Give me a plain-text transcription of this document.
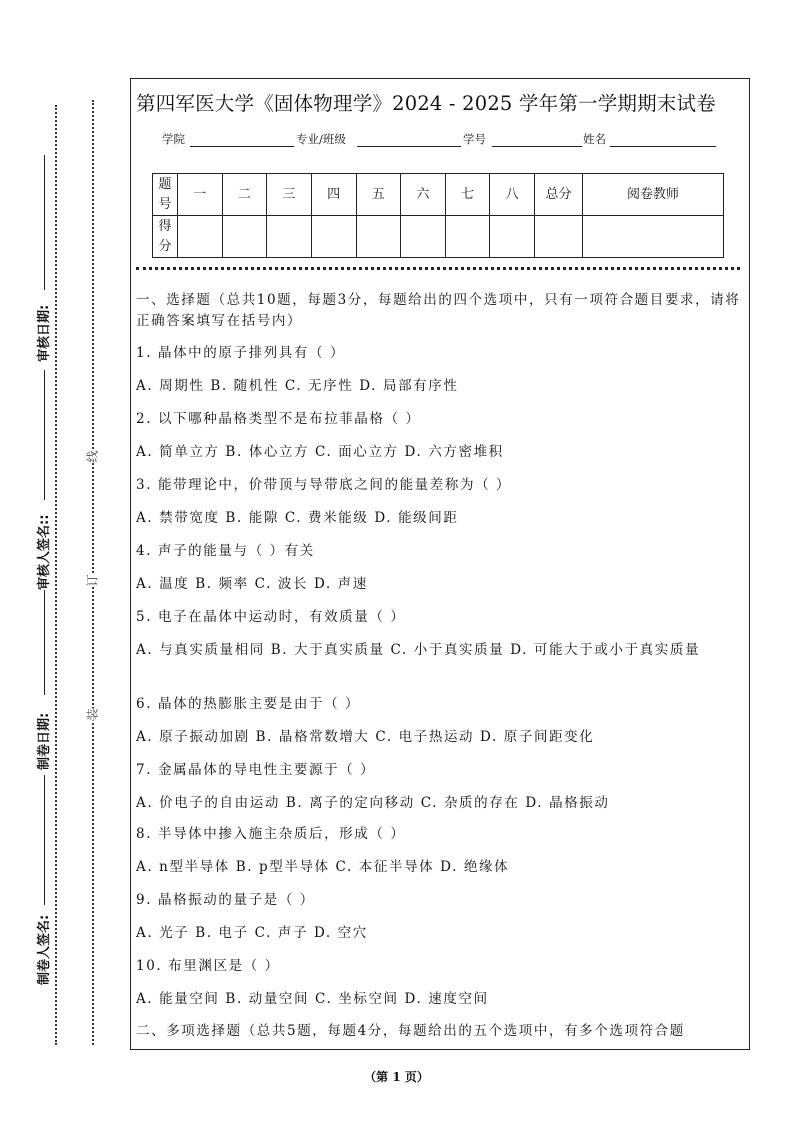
审核日期:
审核人签名::
制卷日期:
制卷人签名:
线
订
装
第四军医大学《固体物理学》2024 - 2025 学年第一学期期末试卷
学院	专业/班级	学号	姓名
题号	一	二	三	四	五	六	七	八	总分	阅卷教师
得分										
一、选择题（总共10题，每题3分，每题给出的四个选项中，只有一项符合题目要求，请将正确答案填写在括号内）
1. 晶体中的原子排列具有（ ）
A. 周期性 B. 随机性 C. 无序性 D. 局部有序性
2. 以下哪种晶格类型不是布拉菲晶格（ ）
A. 简单立方 B. 体心立方 C. 面心立方 D. 六方密堆积
3. 能带理论中，价带顶与导带底之间的能量差称为（ ）
A. 禁带宽度 B. 能隙 C. 费米能级 D. 能级间距
4. 声子的能量与（ ）有关
A. 温度 B. 频率 C. 波长 D. 声速
5. 电子在晶体中运动时，有效质量（ ）
A. 与真实质量相同 B. 大于真实质量 C. 小于真实质量 D. 可能大于或小于真实质量
6. 晶体的热膨胀主要是由于（ ）
A. 原子振动加剧 B. 晶格常数增大 C. 电子热运动 D. 原子间距变化
7. 金属晶体的导电性主要源于（ ）
A. 价电子的自由运动 B. 离子的定向移动 C. 杂质的存在 D. 晶格振动
8. 半导体中掺入施主杂质后，形成（ ）
A. n型半导体 B. p型半导体 C. 本征半导体 D. 绝缘体
9. 晶格振动的量子是（ ）
A. 光子 B. 电子 C. 声子 D. 空穴
10. 布里渊区是（ ）
A. 能量空间 B. 动量空间 C. 坐标空间 D. 速度空间
二、多项选择题（总共5题，每题4分，每题给出的五个选项中，有多个选项符合题
（第 1 页）
